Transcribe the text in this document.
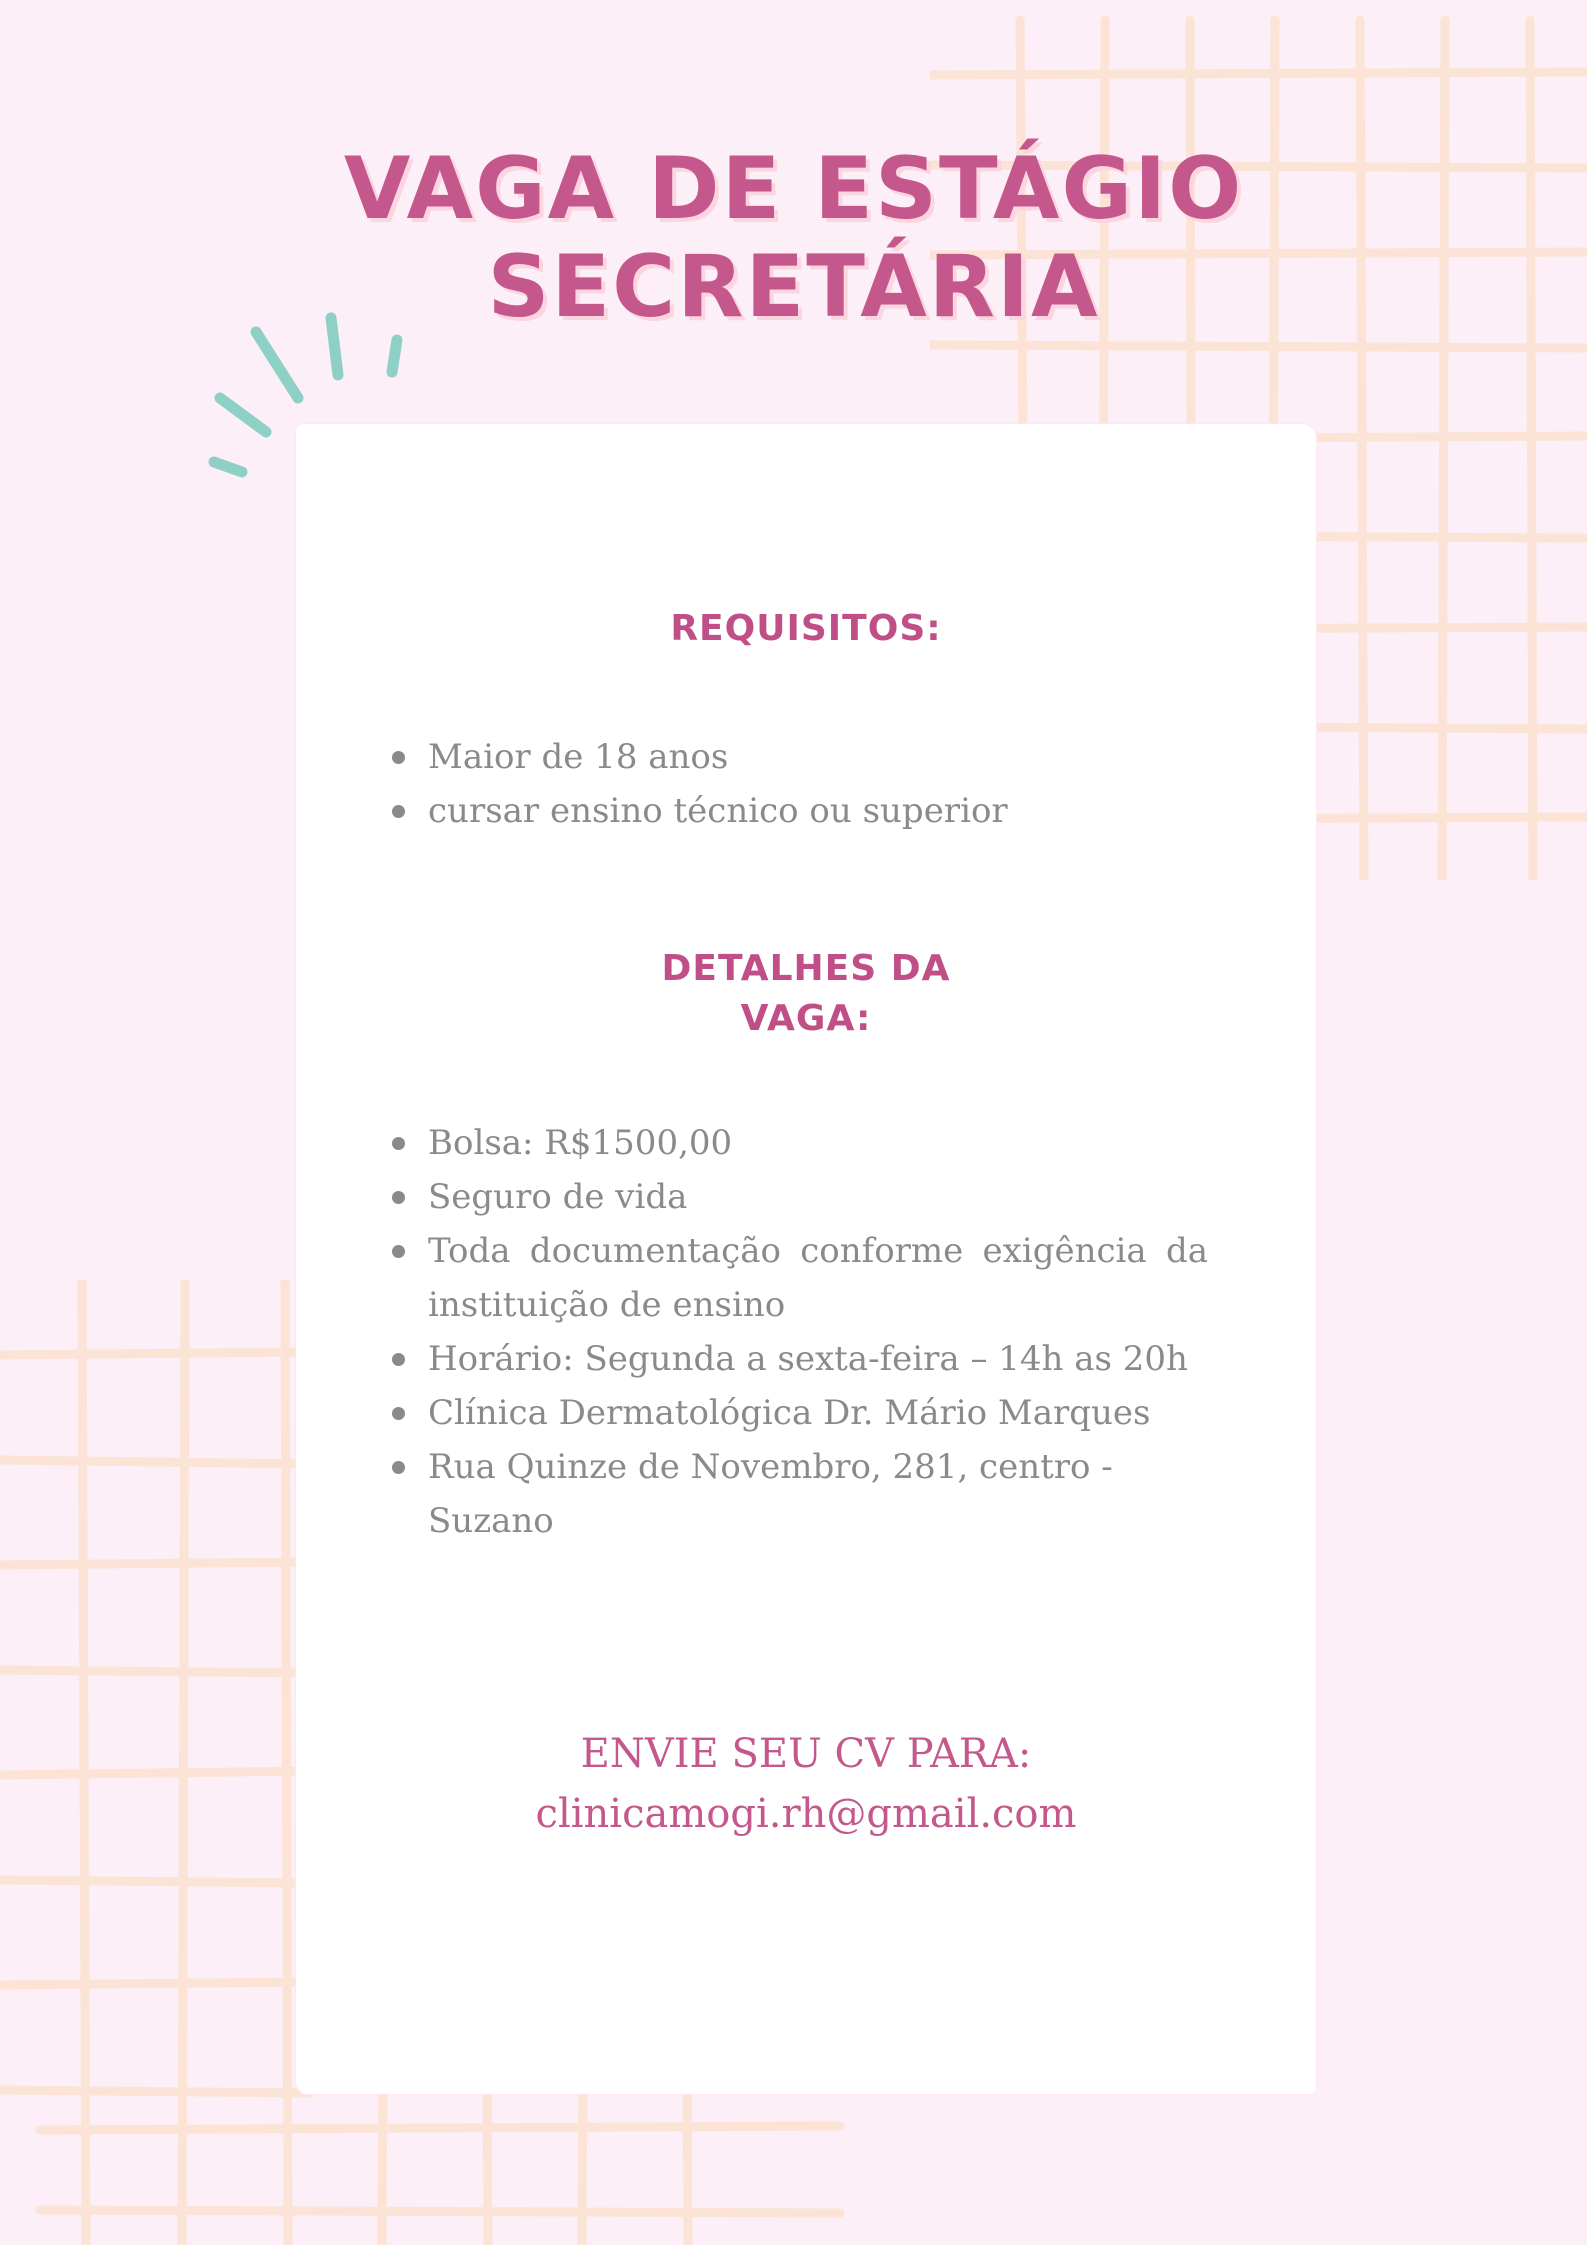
VAGA DE ESTÁGIO
SECRETÁRIA
REQUISITOS:
Maior de 18 anos
cursar ensino técnico ou superior
DETALHES DA
VAGA:
Bolsa: R$1500,00
Seguro de vida
Toda documentação conforme exigência da instituição de ensino
Horário: Segunda a sexta-feira – 14h as 20h
Clínica Dermatológica Dr. Mário Marques
Rua Quinze de Novembro, 281, centro - Suzano
ENVIE SEU CV PARA:
clinicamogi.rh@gmail.com
